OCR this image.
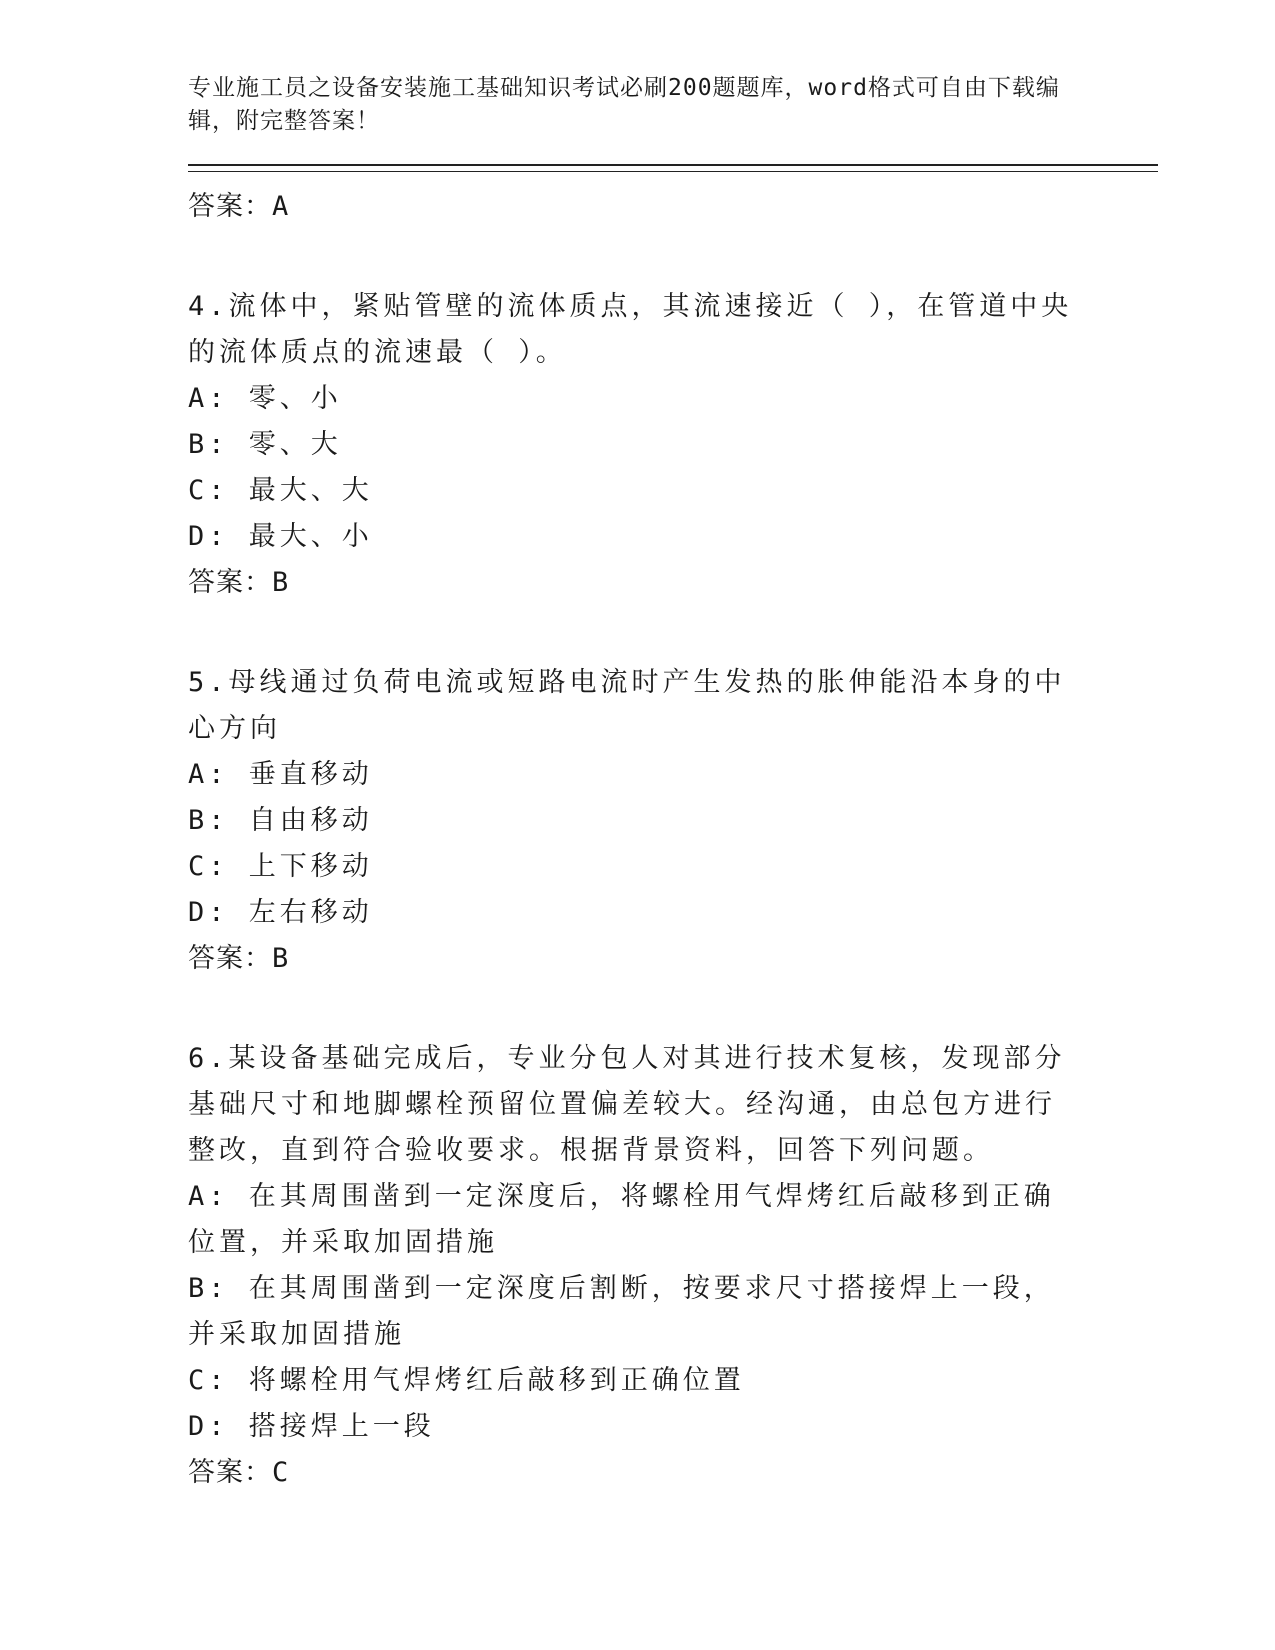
专业施工员之设备安装施工基础知识考试必刷200题题库，word格式可自由下载编辑，附完整答案！
答案：A
4.流体中，紧贴管壁的流体质点，其流速接近（ ），在管道中央的流体质点的流速最（ ）。
A: 零、小
B: 零、大
C: 最大、大
D: 最大、小
答案：B
5.母线通过负荷电流或短路电流时产生发热的胀伸能沿本身的中心方向
A: 垂直移动
B: 自由移动
C: 上下移动
D: 左右移动
答案：B
6.某设备基础完成后，专业分包人对其进行技术复核，发现部分基础尺寸和地脚螺栓预留位置偏差较大。经沟通，由总包方进行整改，直到符合验收要求。根据背景资料，回答下列问题。
A: 在其周围凿到一定深度后，将螺栓用气焊烤红后敲移到正确位置，并采取加固措施
B: 在其周围凿到一定深度后割断，按要求尺寸搭接焊上一段，并采取加固措施
C: 将螺栓用气焊烤红后敲移到正确位置
D: 搭接焊上一段
答案：C
